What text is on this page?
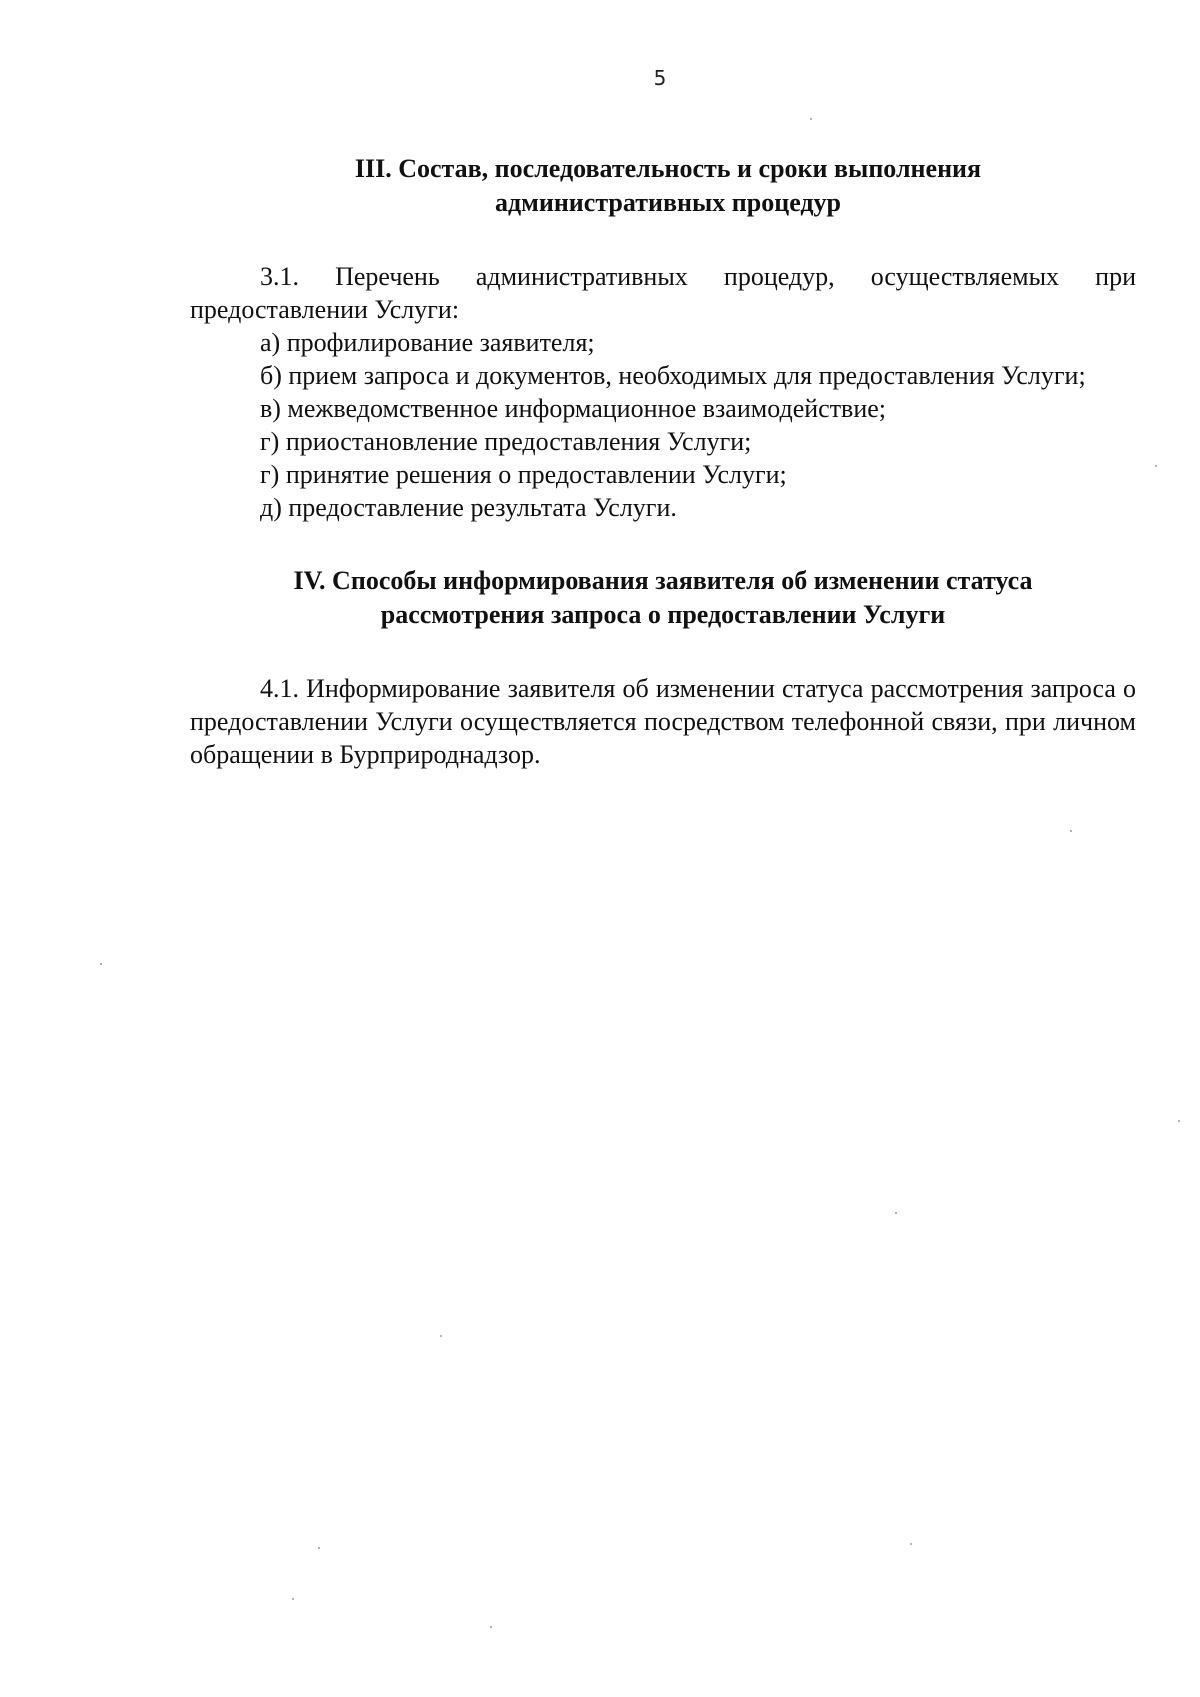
5
III. Состав, последовательность и сроки выполнения
административных процедур

3.1. Перечень административных процедур, осуществляемых при предоставлении Услуги:

а) профилирование заявителя;

б) прием запроса и документов, необходимых для предоставления Услуги;

в) межведомственное информационное взаимодействие;

г) приостановление предоставления Услуги;

г) принятие решения о предоставлении Услуги;

д) предоставление результата Услуги.

IV. Способы информирования заявителя об изменении статуса
рассмотрения запроса о предоставлении Услуги

4.1. Информирование заявителя об изменении статуса рассмотрения запроса о предоставлении Услуги осуществляется посредством телефонной связи, при личном обращении в Бурприроднадзор.
